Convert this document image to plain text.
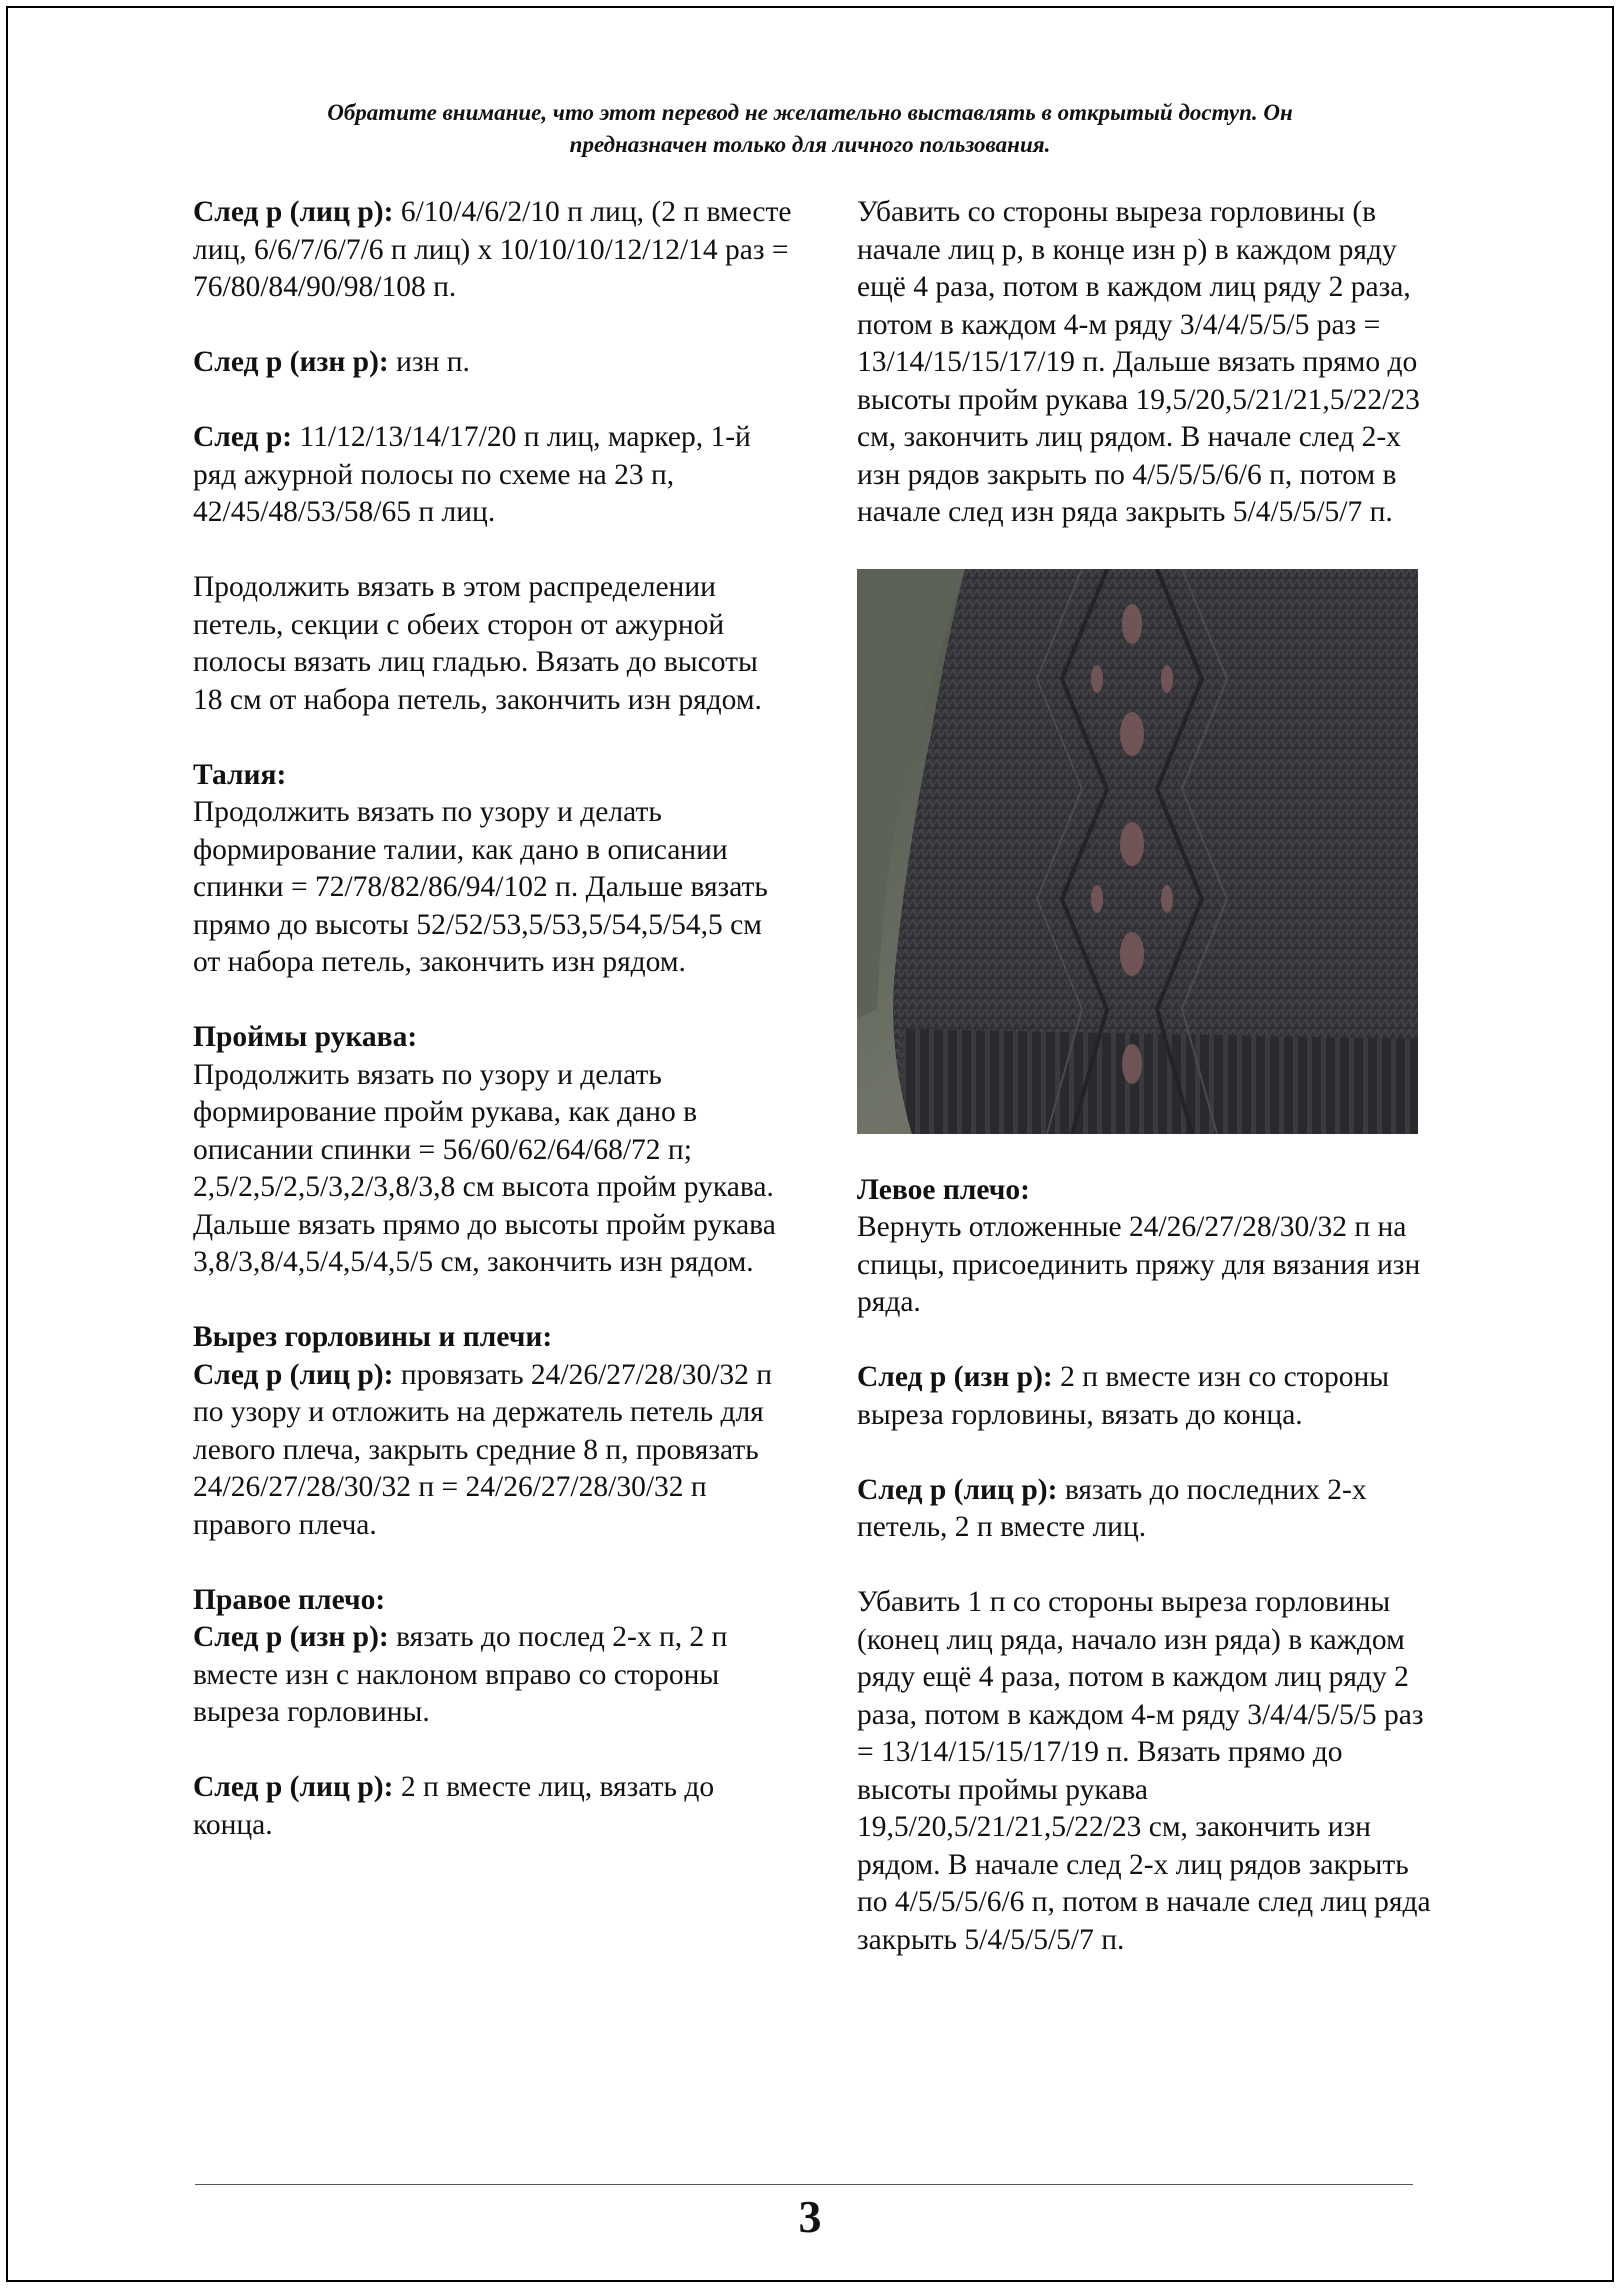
Обратите внимание, что этот перевод не желательно выставлять в открытый доступ. Он
предназначен только для личного пользования.

След р (лиц р): 6/10/4/6/2/10 п лиц, (2 п вместе лиц, 6/6/7/6/7/6 п лиц) х 10/10/10/12/12/14 раз = 76/80/84/90/98/108 п.

След р (изн р): изн п.

След р: 11/12/13/14/17/20 п лиц, маркер, 1-й ряд ажурной полосы по схеме на 23 п, 42/45/48/53/58/65 п лиц.

Продолжить вязать в этом распределении петель, секции с обеих сторон от ажурной полосы вязать лиц гладью. Вязать до высоты 18 см от набора петель, закончить изн рядом.

Талия:

Продолжить вязать по узору и делать формирование талии, как дано в описании спинки = 72/78/82/86/94/102 п. Дальше вязать прямо до высоты 52/52/53,5/53,5/54,5/54,5 см от набора петель, закончить изн рядом.

Проймы рукава:

Продолжить вязать по узору и делать формирование пройм рукава, как дано в описании спинки = 56/60/62/64/68/72 п; 2,5/2,5/2,5/3,2/3,8/3,8 см высота пройм рукава. Дальше вязать прямо до высоты пройм рукава 3,8/3,8/4,5/4,5/4,5/5 см, закончить изн рядом.

Вырез горловины и плечи:

След р (лиц р): провязать 24/26/27/28/30/32 п по узору и отложить на держатель петель для левого плеча, закрыть средние 8 п, провязать 24/26/27/28/30/32 п = 24/26/27/28/30/32 п правого плеча.

Правое плечо:

След р (изн р): вязать до послед 2-х п, 2 п вместе изн с наклоном вправо со стороны выреза горловины.

След р (лиц р): 2 п вместе лиц, вязать до конца.

Убавить со стороны выреза горловины (в начале лиц р, в конце изн р) в каждом ряду ещё 4 раза, потом в каждом лиц ряду 2 раза, потом в каждом 4-м ряду 3/4/4/5/5/5 раз = 13/14/15/15/17/19 п. Дальше вязать прямо до высоты пройм рукава 19,5/20,5/21/21,5/22/23 см, закончить лиц рядом. В начале след 2-х изн рядов закрыть по 4/5/5/5/6/6 п, потом в начале след изн ряда закрыть 5/4/5/5/5/7 п.

Левое плечо:

Вернуть отложенные 24/26/27/28/30/32 п на спицы, присоединить пряжу для вязания изн ряда.

След р (изн р): 2 п вместе изн со стороны выреза горловины, вязать до конца.

След р (лиц р): вязать до последних 2-х петель, 2 п вместе лиц.

Убавить 1 п со стороны выреза горловины (конец лиц ряда, начало изн ряда) в каждом ряду ещё 4 раза, потом в каждом лиц ряду 2 раза, потом в каждом 4-м ряду 3/4/4/5/5/5 раз = 13/14/15/15/17/19 п. Вязать прямо до высоты проймы рукава 19,5/20,5/21/21,5/22/23 см, закончить изн рядом. В начале след 2-х лиц рядов закрыть по 4/5/5/5/6/6 п, потом в начале след лиц ряда закрыть 5/4/5/5/5/7 п.

3
